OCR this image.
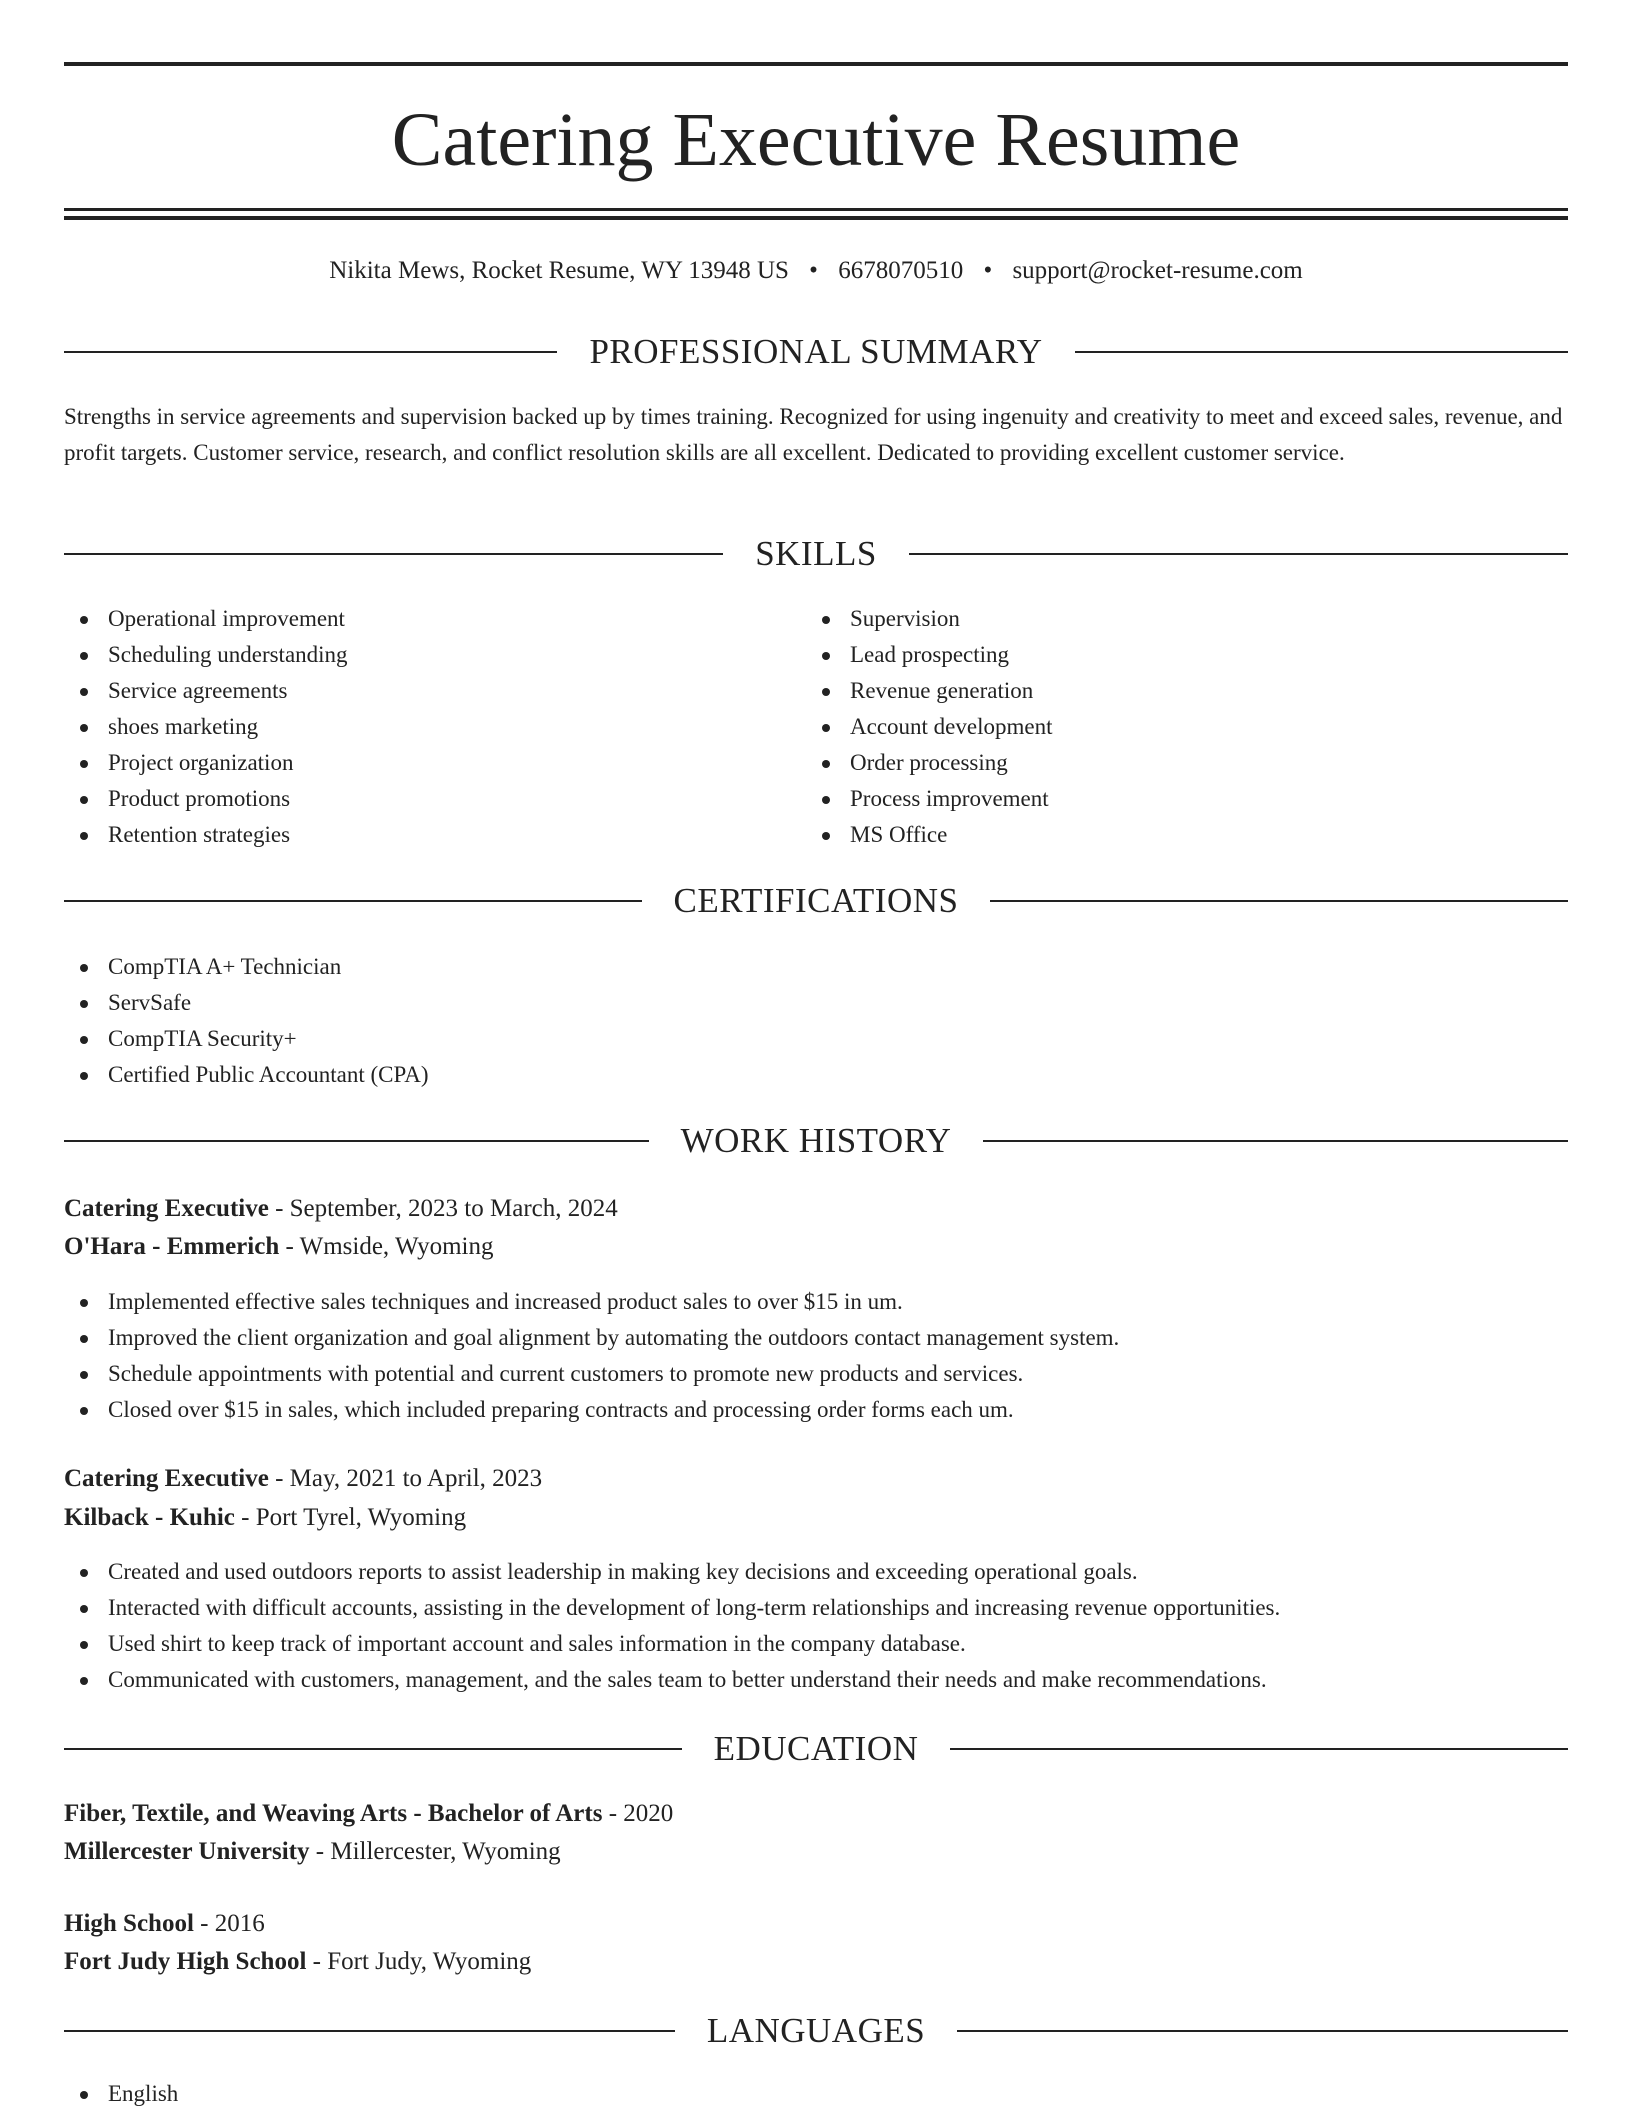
Catering Executive Resume
Nikita Mews, Rocket Resume, WY 13948 US • 6678070510 • support@rocket-resume.com
PROFESSIONAL SUMMARY

Strengths in service agreements and supervision backed up by times training. Recognized for using ingenuity and creativity to meet and exceed sales, revenue, and profit targets. Customer service, research, and conflict resolution skills are all excellent. Dedicated to providing excellent customer service.

SKILLS
Operational improvement
Scheduling understanding
Service agreements
shoes marketing
Project organization
Product promotions
Retention strategies
Supervision
Lead prospecting
Revenue generation
Account development
Order processing
Process improvement
MS Office
CERTIFICATIONS
CompTIA A+ Technician
ServSafe
CompTIA Security+
Certified Public Accountant (CPA)
WORK HISTORY
Catering Executive - September, 2023 to March, 2024
O'Hara - Emmerich - Wmside, Wyoming
Implemented effective sales techniques and increased product sales to over $15 in um.
Improved the client organization and goal alignment by automating the outdoors contact management system.
Schedule appointments with potential and current customers to promote new products and services.
Closed over $15 in sales, which included preparing contracts and processing order forms each um.
Catering Executive - May, 2021 to April, 2023
Kilback - Kuhic - Port Tyrel, Wyoming
Created and used outdoors reports to assist leadership in making key decisions and exceeding operational goals.
Interacted with difficult accounts, assisting in the development of long-term relationships and increasing revenue opportunities.
Used shirt to keep track of important account and sales information in the company database.
Communicated with customers, management, and the sales team to better understand their needs and make recommendations.
EDUCATION
Fiber, Textile, and Weaving Arts - Bachelor of Arts - 2020
Millercester University - Millercester, Wyoming
High School - 2016
Fort Judy High School - Fort Judy, Wyoming
LANGUAGES
English
